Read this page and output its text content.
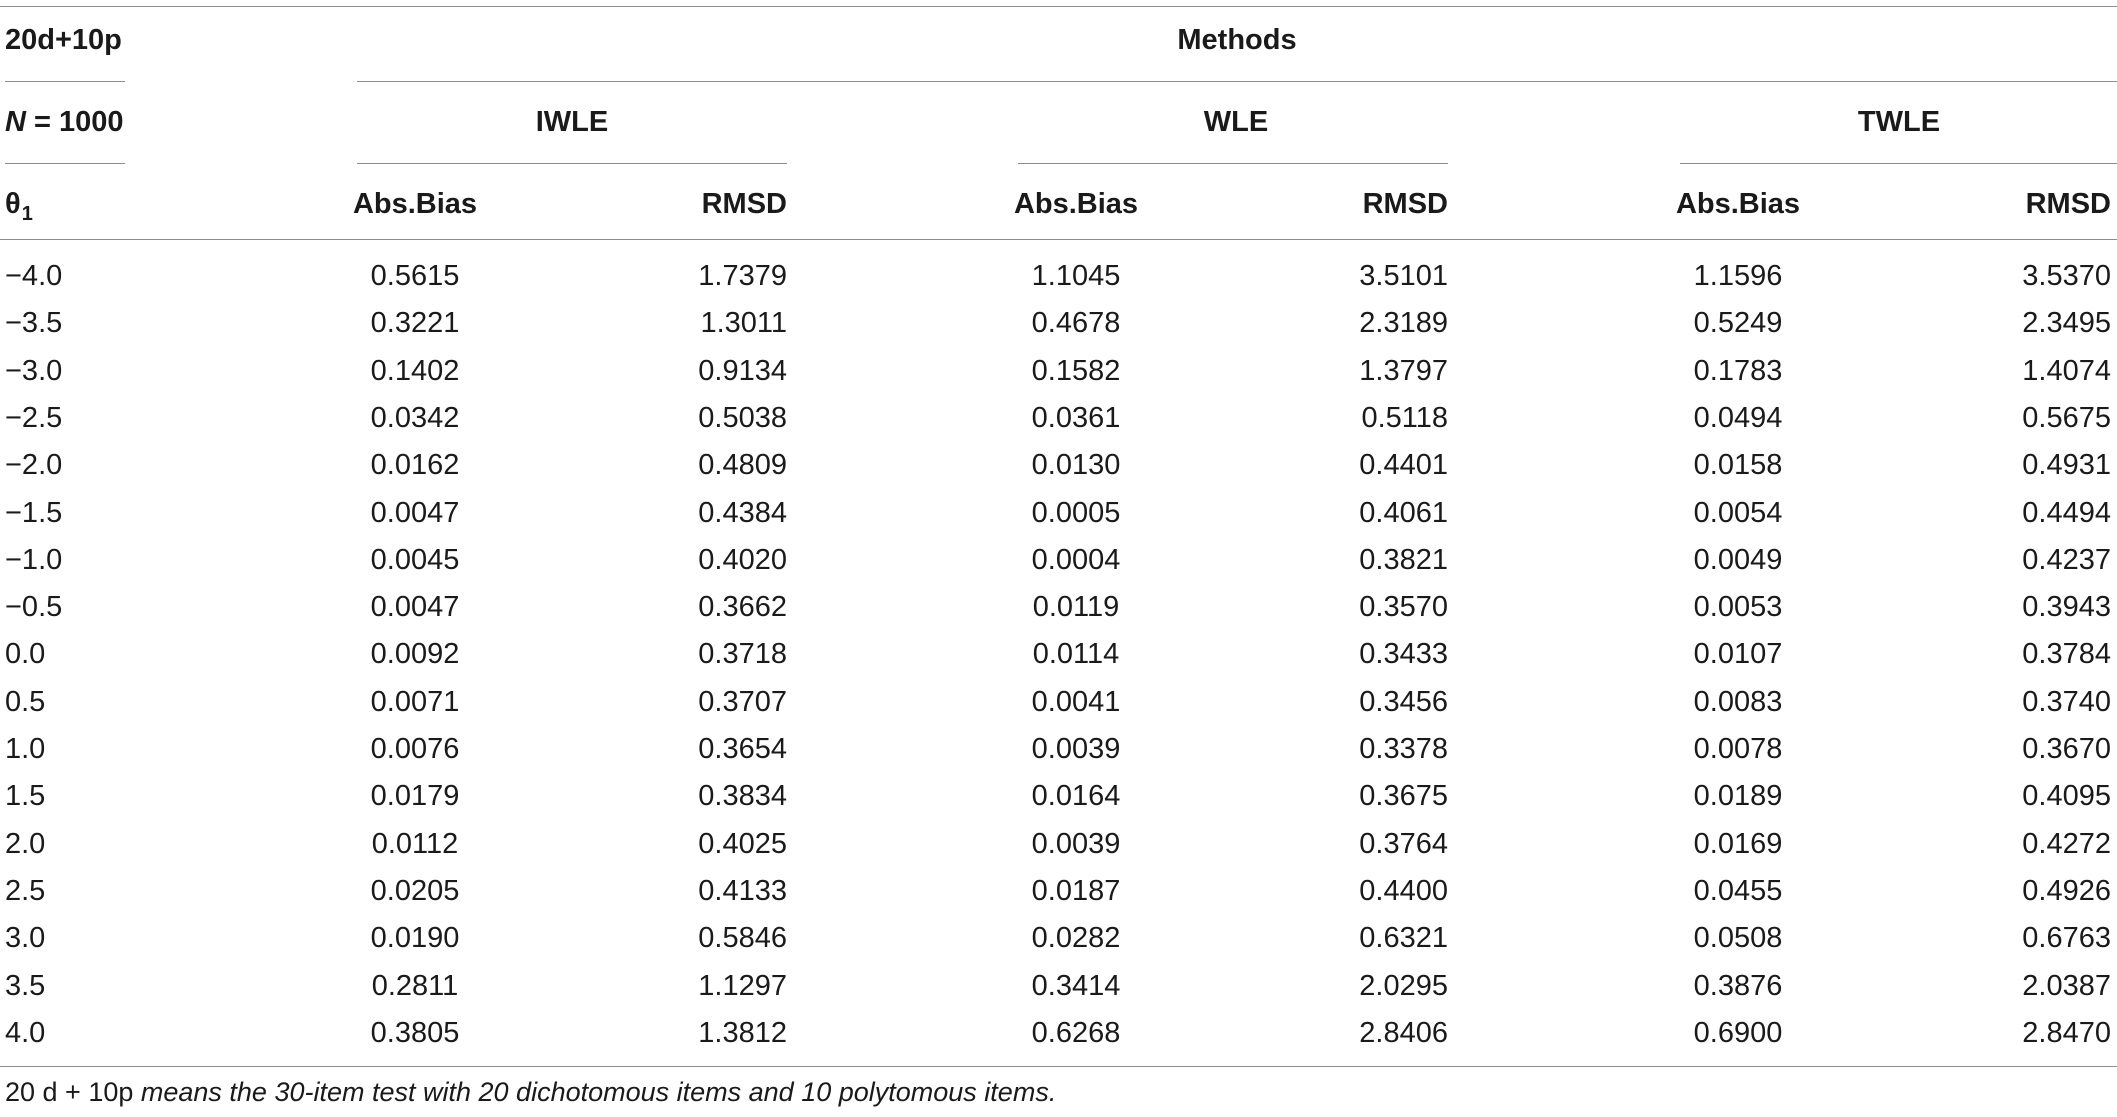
20d+10p	Methods
N = 1000	IWLE	WLE	TWLE
$\theta_1$	Abs.Bias	RMSD	Abs.Bias	RMSD	Abs.Bias	RMSD
−4.0	0.5615	1.7379	1.1045	3.5101	1.1596	3.5370
−3.5	0.3221	1.3011	0.4678	2.3189	0.5249	2.3495
−3.0	0.1402	0.9134	0.1582	1.3797	0.1783	1.4074
−2.5	0.0342	0.5038	0.0361	0.5118	0.0494	0.5675
−2.0	0.0162	0.4809	0.0130	0.4401	0.0158	0.4931
−1.5	0.0047	0.4384	0.0005	0.4061	0.0054	0.4494
−1.0	0.0045	0.4020	0.0004	0.3821	0.0049	0.4237
−0.5	0.0047	0.3662	0.0119	0.3570	0.0053	0.3943
0.0	0.0092	0.3718	0.0114	0.3433	0.0107	0.3784
0.5	0.0071	0.3707	0.0041	0.3456	0.0083	0.3740
1.0	0.0076	0.3654	0.0039	0.3378	0.0078	0.3670
1.5	0.0179	0.3834	0.0164	0.3675	0.0189	0.4095
2.0	0.0112	0.4025	0.0039	0.3764	0.0169	0.4272
2.5	0.0205	0.4133	0.0187	0.4400	0.0455	0.4926
3.0	0.0190	0.5846	0.0282	0.6321	0.0508	0.6763
3.5	0.2811	1.1297	0.3414	2.0295	0.3876	2.0387
4.0	0.3805	1.3812	0.6268	2.8406	0.6900	2.8470
20 d + 10p means the 30-item test with 20 dichotomous items and 10 polytomous items.
